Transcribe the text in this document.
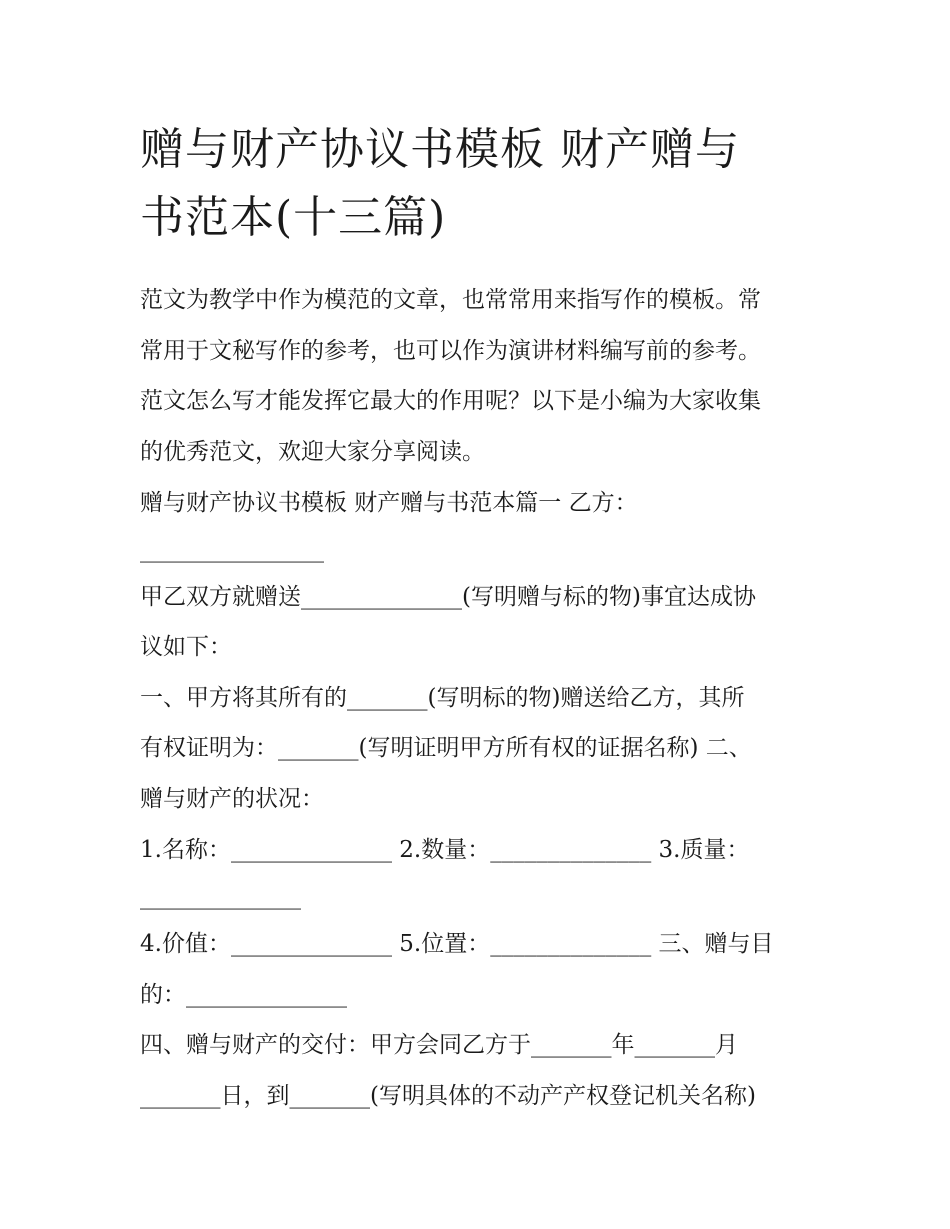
赠与财产协议书模板 财产赠与
书范本(十三篇)

范文为教学中作为模范的文章，也常常用来指写作的模板。常

常用于文秘写作的参考，也可以作为演讲材料编写前的参考。

范文怎么写才能发挥它最大的作用呢？以下是小编为大家收集

的优秀范文，欢迎大家分享阅读。

赠与财产协议书模板 财产赠与书范本篇一 乙方：

________________

甲乙双方就赠送______________(写明赠与标的物)事宜达成协

议如下：

一、甲方将其所有的_______(写明标的物)赠送给乙方，其所

有权证明为：_______(写明证明甲方所有权的证据名称) 二、

赠与财产的状况：

1.名称：______________ 2.数量：______________ 3.质量：

______________

4.价值：______________ 5.位置：______________ 三、赠与目

的：______________

四、赠与财产的交付：甲方会同乙方于_______年_______月

_______日，到_______(写明具体的不动产产权登记机关名称)
